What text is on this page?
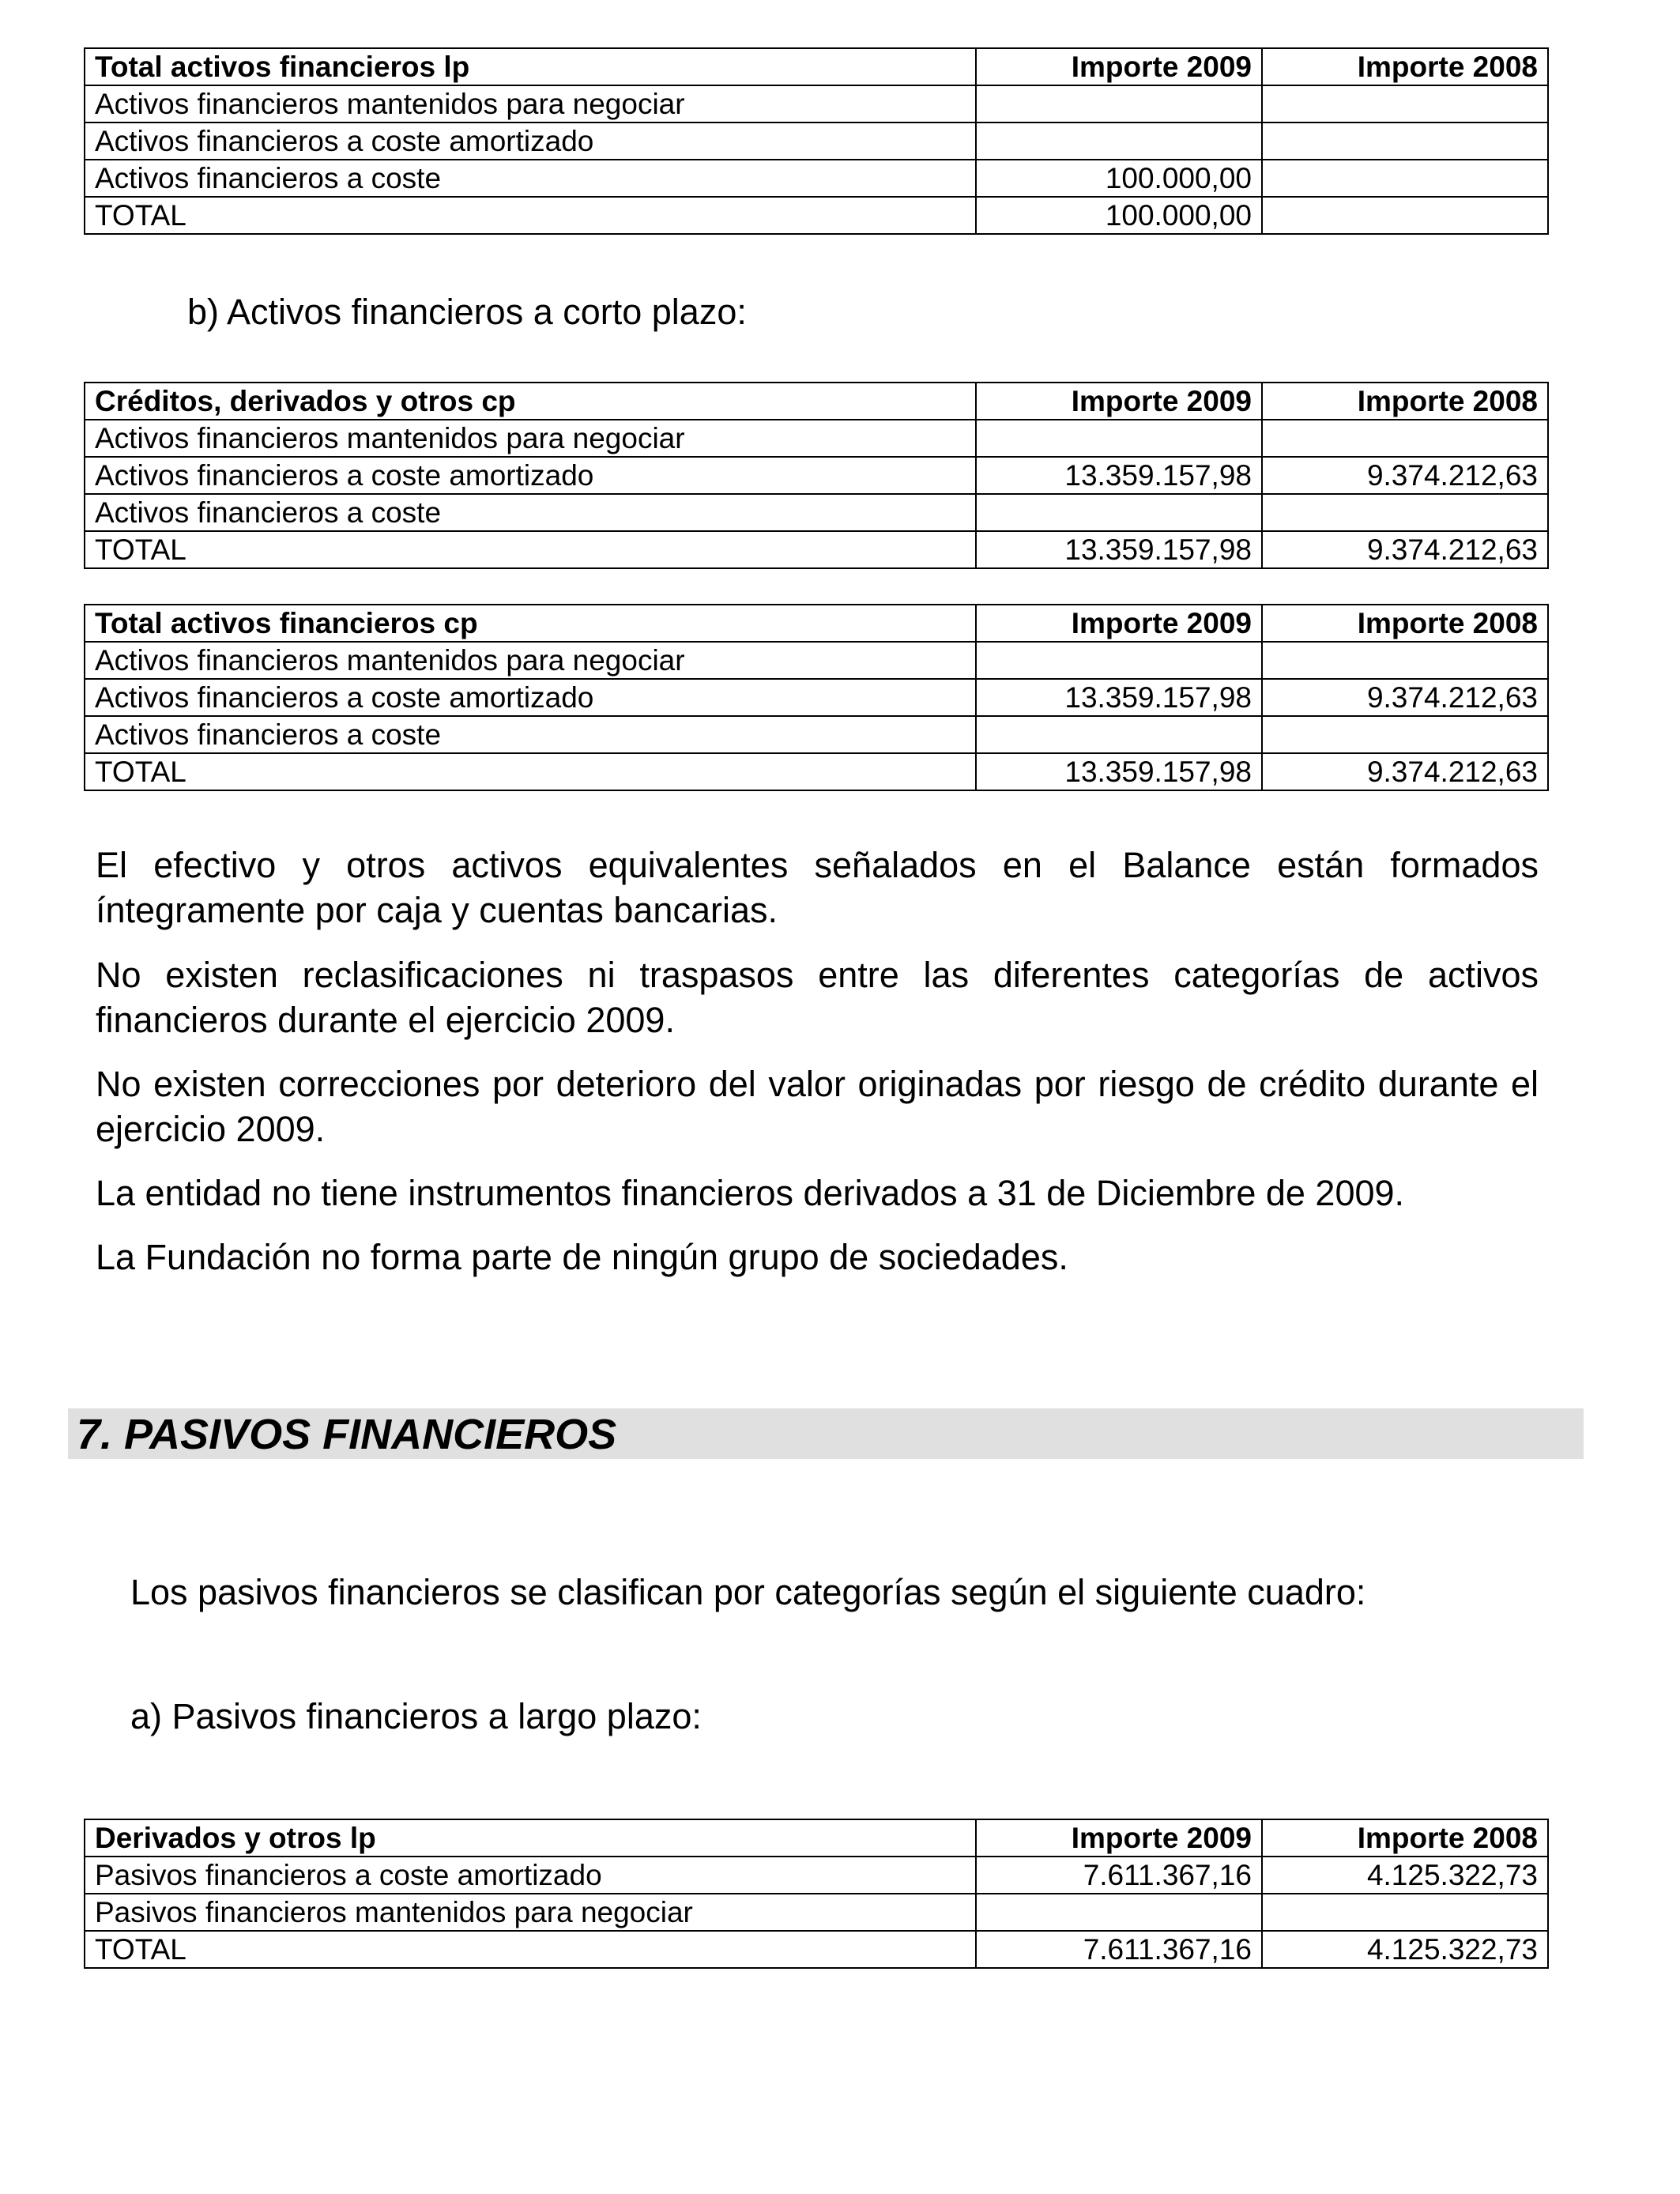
Total activos financieros lp	Importe 2009	Importe 2008
Activos financieros mantenidos para negociar		
Activos financieros a coste amortizado		
Activos financieros a coste	100.000,00	
TOTAL	100.000,00	
b) Activos financieros a corto plazo:
Créditos, derivados y otros cp	Importe 2009	Importe 2008
Activos financieros mantenidos para negociar		
Activos financieros a coste amortizado	13.359.157,98	9.374.212,63
Activos financieros a coste		
TOTAL	13.359.157,98	9.374.212,63
Total activos financieros cp	Importe 2009	Importe 2008
Activos financieros mantenidos para negociar		
Activos financieros a coste amortizado	13.359.157,98	9.374.212,63
Activos financieros a coste		
TOTAL	13.359.157,98	9.374.212,63
El efectivo y otros activos equivalentes señalados en el Balance están formados íntegramente por caja y cuentas bancarias.
No existen reclasificaciones ni traspasos entre las diferentes categorías de activos financieros durante el ejercicio 2009.
No existen correcciones por deterioro del valor originadas por riesgo de crédito durante el ejercicio 2009.
La entidad no tiene instrumentos financieros derivados a 31 de Diciembre de 2009.
La Fundación no forma parte de ningún grupo de sociedades.
7. PASIVOS FINANCIEROS
Los pasivos financieros se clasifican por categorías según el siguiente cuadro:
a) Pasivos financieros a largo plazo:
Derivados y otros lp	Importe 2009	Importe 2008
Pasivos financieros a coste amortizado	7.611.367,16	4.125.322,73
Pasivos financieros mantenidos para negociar		
TOTAL	7.611.367,16	4.125.322,73
